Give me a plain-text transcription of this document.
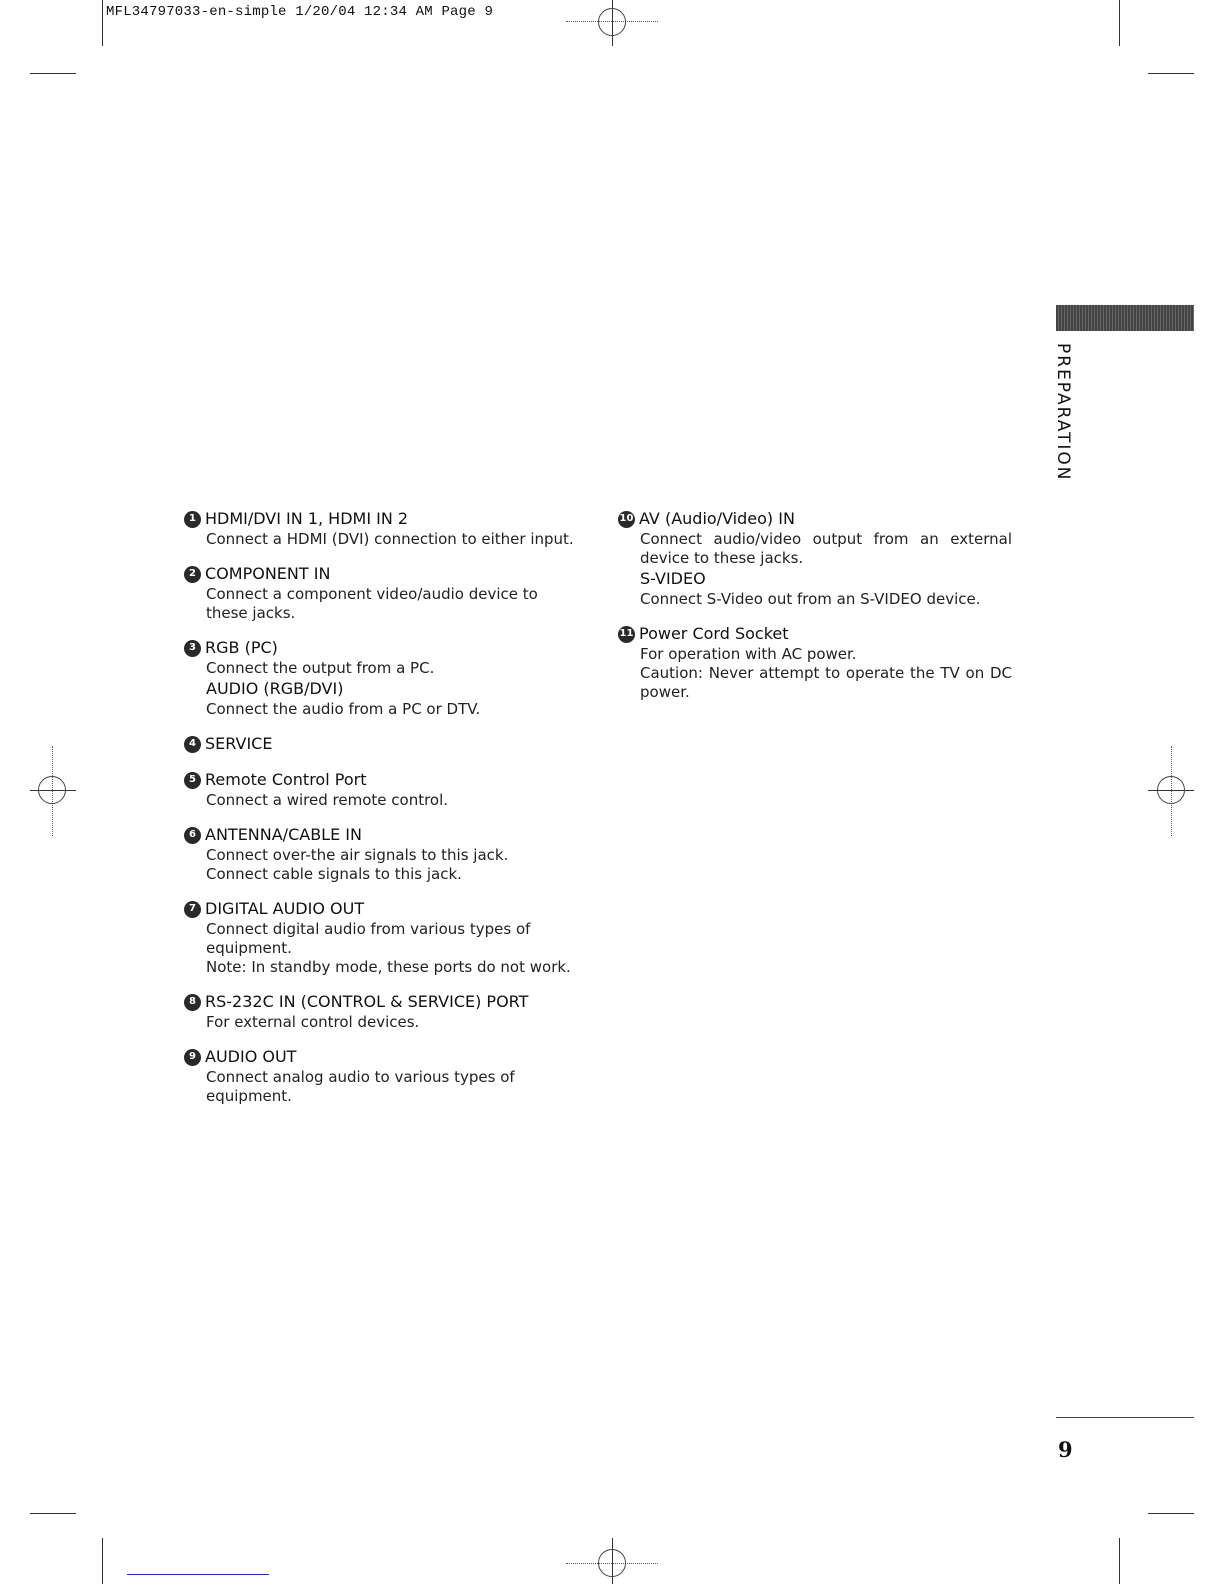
MFL34797033-en-simple 1/20/04 12:34 AM Page 9
PREPARATION
1 HDMI/DVI IN 1, HDMI IN 2
Connect a HDMI (DVI) connection to either input.
2 COMPONENT IN
Connect a component video/audio device to these jacks.
3 RGB (PC)
Connect the output from a PC.
AUDIO (RGB/DVI)
Connect the audio from a PC or DTV.
4 SERVICE
5 Remote Control Port
Connect a wired remote control.
6 ANTENNA/CABLE IN
Connect over-the air signals to this jack.
Connect cable signals to this jack.
7 DIGITAL AUDIO OUT
Connect digital audio from various types of equipment.
Note: In standby mode, these ports do not work.
8 RS-232C IN (CONTROL & SERVICE) PORT
For external control devices.
9 AUDIO OUT
Connect analog audio to various types of equipment.
10 AV (Audio/Video) IN
Connect audio/video output from an external device to these jacks.
S-VIDEO
Connect S-Video out from an S-VIDEO device.
11 Power Cord Socket
For operation with AC power.
Caution: Never attempt to operate the TV on DC power.
9
